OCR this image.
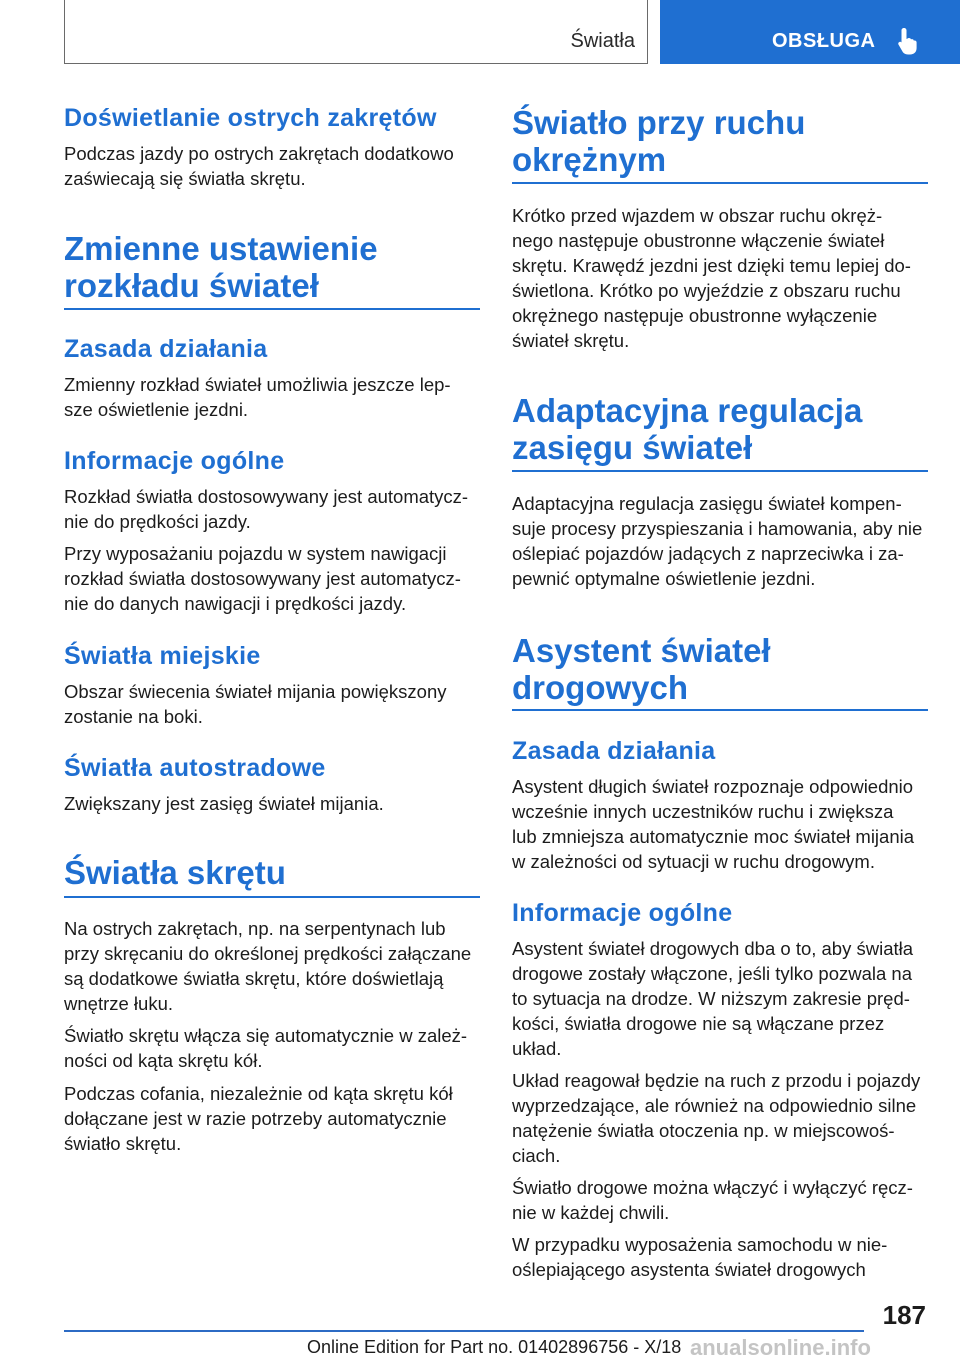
Światła	OBSŁUGA
Doświetlanie ostrych zakrętów
Podczas jazdy po ostrych zakrętach dodatkowo
zaświecają się światła skrętu.
Zmienne ustawienie
rozkładu świateł
Zasada działania
Zmienny rozkład świateł umożliwia jeszcze lep-
sze oświetlenie jezdni.
Informacje ogólne
Rozkład światła dostosowywany jest automatycz-
nie do prędkości jazdy.
Przy wyposażaniu pojazdu w system nawigacji
rozkład światła dostosowywany jest automatycz-
nie do danych nawigacji i prędkości jazdy.
Światła miejskie
Obszar świecenia świateł mijania powiększony
zostanie na boki.
Światła autostradowe
Zwiększany jest zasięg świateł mijania.
Światła skrętu
Na ostrych zakrętach, np. na serpentynach lub
przy skręcaniu do określonej prędkości załączane
są dodatkowe światła skrętu, które doświetlają
wnętrze łuku.
Światło skrętu włącza się automatycznie w zależ-
ności od kąta skrętu kół.
Podczas cofania, niezależnie od kąta skrętu kół
dołączane jest w razie potrzeby automatycznie
światło skrętu.
Światło przy ruchu
okrężnym
Krótko przed wjazdem w obszar ruchu okręż-
nego następuje obustronne włączenie świateł
skrętu. Krawędź jezdni jest dzięki temu lepiej do-
świetlona. Krótko po wyjeździe z obszaru ruchu
okrężnego następuje obustronne wyłączenie
świateł skrętu.
Adaptacyjna regulacja
zasięgu świateł
Adaptacyjna regulacja zasięgu świateł kompen-
suje procesy przyspieszania i hamowania, aby nie
oślepiać pojazdów jadących z naprzeciwka i za-
pewnić optymalne oświetlenie jezdni.
Asystent świateł
drogowych
Zasada działania
Asystent długich świateł rozpoznaje odpowiednio
wcześnie innych uczestników ruchu i zwiększa
lub zmniejsza automatycznie moc świateł mijania
w zależności od sytuacji w ruchu drogowym.
Informacje ogólne
Asystent świateł drogowych dba o to, aby światła
drogowe zostały włączone, jeśli tylko pozwala na
to sytuacja na drodze. W niższym zakresie pręd-
kości, światła drogowe nie są włączane przez
układ.
Układ reagował będzie na ruch z przodu i pojazdy
wyprzedzające, ale również na odpowiednio silne
natężenie światła otoczenia np. w miejscowoś-
ciach.
Światło drogowe można włączyć i wyłączyć ręcz-
nie w każdej chwili.
W przypadku wyposażenia samochodu w nie-
oślepiającego asystenta świateł drogowych
187
Online Edition for Part no. 01402896756 - X/18 anualsonline.info
